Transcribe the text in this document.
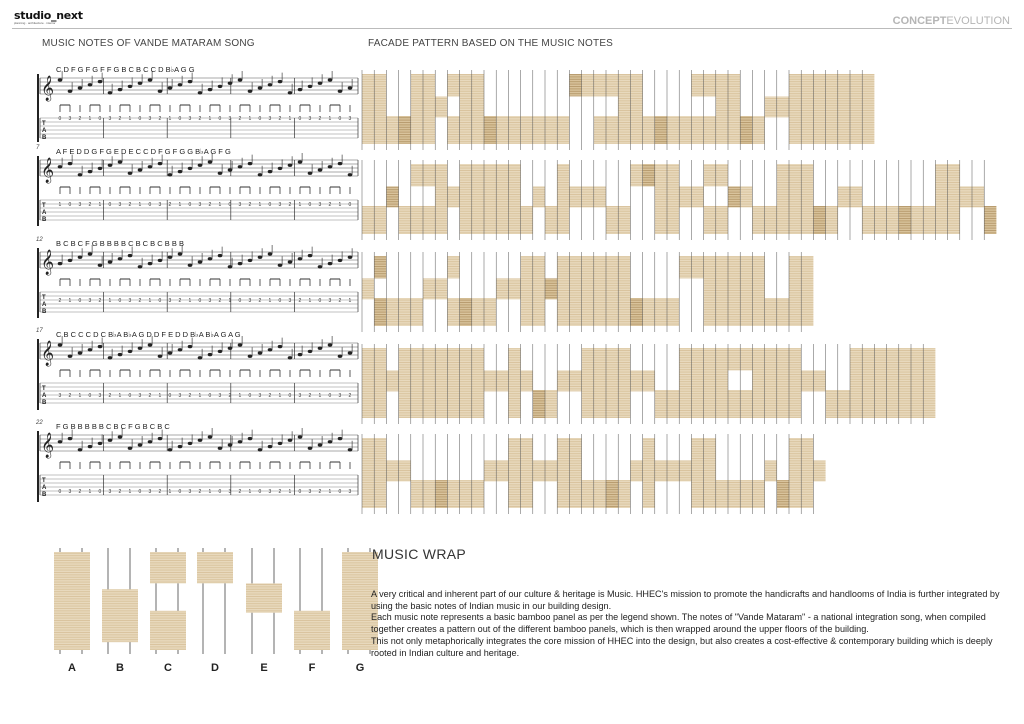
studio_next
planning · architecture · interior	CONCEPTEVOLUTION
MUSIC NOTES OF VANDE MATARAM SONG	FACADE PATTERN BASED ON THE MUSIC NOTES
𝄞
T
A
B
C D F G F G F F G B C B C C D B♭A G G
0 3 2 1 0 3 2 1 0 3 2 1 0 3 2 1 0 3 2 1 0 3 2 1 0 3 2 1 0 3
𝄞
T
A
B
A F E D D G F G E D E C C D F G F G G B♭A G F G
7
1 0 3 2 1 0 3 2 1 0 3 2 1 0 3 2 1 0 3 2 1 0 3 2 1 0 3 2 1 0
𝄞
T
A
B
B C B C F G B B B B C B C B C B B B
12
2 1 0 3 2 1 0 3 2 1 0 3 2 1 0 3 2 1 0 3 2 1 0 3 2 1 0 3 2 1
𝄞
T
A
B
C B C C C D C B♭A B♭A G D D F E D D B♭A B♭A G A G
17
3 2 1 0 3 2 1 0 3 2 1 0 3 2 1 0 3 2 1 0 3 2 1 0 3 2 1 0 3 2
𝄞
T
A
B
F G B B B B B C B C F G B C B C
22
0 3 2 1 0 3 2 1 0 3 2 1 0 3 2 1 0 3 2 1 0 3 2 1 0 3 2 1 0 3
A	B	C	D	E	F	G
MUSIC WRAP

A very critical and inherent part of our culture & heritage is Music. HHEC's mission to promote the handicrafts and handlooms of India is further integrated by using the basic notes of Indian music in our building design.

Each music note represents a basic bamboo panel as per the legend shown. The notes of "Vande Mataram" - a national integration song, when compiled together creates a pattern out of the different bamboo panels, which is then wrapped around the upper floors of the building.

This not only metaphorically integrates the core mission of HHEC into the design, but also creates a cost-effective & contemporary building which is deeply rooted in Indian culture and heritage.
